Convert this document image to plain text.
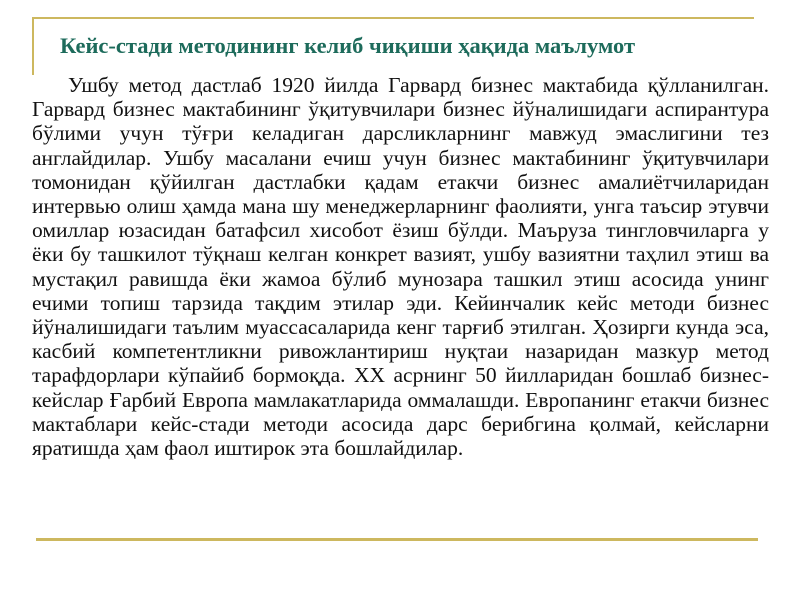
Кейс-стади методининг келиб чиқиши ҳақида маълумот

Ушбу метод дастлаб 1920 йилда Гарвард бизнес мактабида қўлланилган. Гарвард бизнес мактабининг ўқитувчилари бизнес йўналишидаги аспирантура бўлими учун тўғри келадиган дарсликларнинг мавжуд эмаслигини тез англайдилар. Ушбу масалани ечиш учун бизнес мактабининг ўқитувчилари томонидан қўйилган дастлабки қадам етакчи бизнес амалиётчиларидан интервью олиш ҳамда мана шу менеджерларнинг фаолияти, унга таъсир этувчи омиллар юзасидан батафсил хисобот ёзиш бўлди. Маъруза тингловчиларга у ёки бу ташкилот тўқнаш келган конкрет вазият, ушбу вазиятни таҳлил этиш ва мустақил равишда ёки жамоа бўлиб мунозара ташкил этиш асосида унинг ечими топиш тарзида тақдим этилар эди. Кейинчалик кейс методи бизнес йўналишидаги таълим муассасаларида кенг тарғиб этилган. Ҳозирги кунда эса, касбий компетентликни ривожлантириш нуқтаи назаридан мазкур метод тарафдорлари кўпайиб бормоқда. XX асрнинг 50 йилларидан бошлаб бизнес-кейслар Ғарбий Европа мамлакатларида оммалашди. Европанинг етакчи бизнес мактаблари кейс-стади методи асосида дарс берибгина қолмай, кейсларни яратишда ҳам фаол иштирок эта бошлайдилар.
